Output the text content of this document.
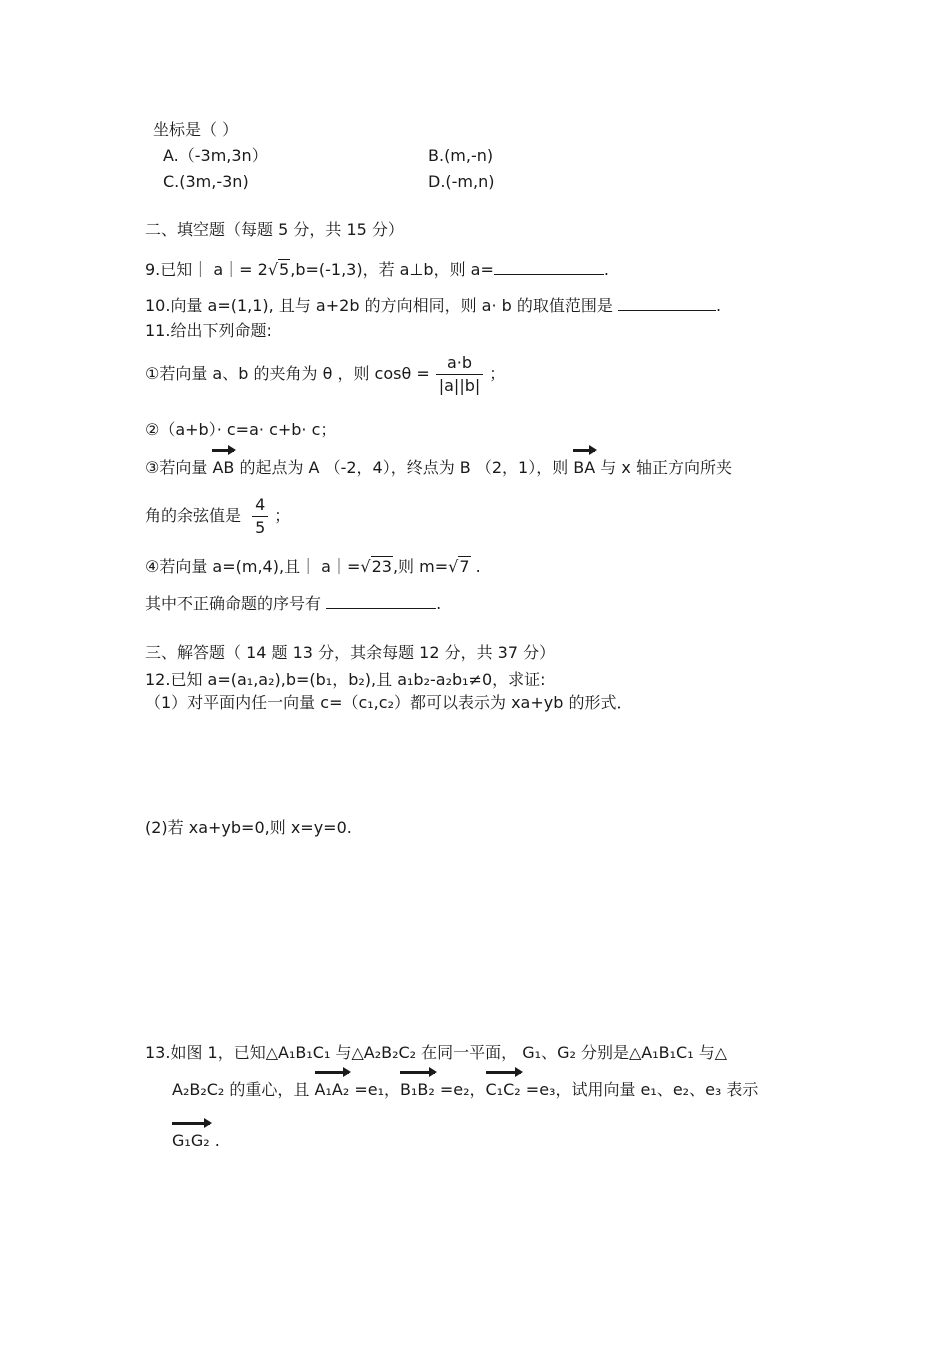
坐标是（ ）
A.（-3m,3n）	B.(m,-n)
C.(3m,-3n)	D.(-m,n)
二、填空题（每题 5 分，共 15 分）
9.已知｜ a｜= 2√5,b=(-1,3)，若 a⊥b，则 a=	.
10.向量 a=(1,1), 且与 a+2b 的方向相同，则 a· b 的取值范围是	.
11.给出下列命题:
①若向量 a、b 的夹角为 θ ，则 $\cos\theta = \frac{a\cdot b}{|a||b|}$ ；
②（a+b）· c=a· c+b· c；
③若向量
AB 的起点为 A （-2，4），终点为 B （2，1），则
BA 与 x 轴正方向所夹
角的余弦值是 $\frac{4}{5}$ ；
④若向量 a=(m,4),且｜ a｜=√23,则 m=√7 .
其中不正确命题的序号有	.
三、解答题（ 14 题 13 分，其余每题 12 分，共 37 分）
12.已知 a=(a₁,a₂),b=(b₁，b₂),且 a₁b₂-a₂b₁≠0，求证:
（1）对平面内任一向量 c=（c₁,c₂）都可以表示为 xa+yb 的形式．
(2)若 xa+yb=0,则 x=y=0.
13.如图 1，已知△A₁B₁C₁ 与△A₂B₂C₂ 在同一平面， G₁、G₂ 分别是△A₁B₁C₁ 与△
A₂B₂C₂ 的重心，且
A₁A₂ =e₁，
B₁B₂ =e₂，
C₁C₂ =e₃，试用向量 e₁、e₂、e₃ 表示
G₁G₂ .
